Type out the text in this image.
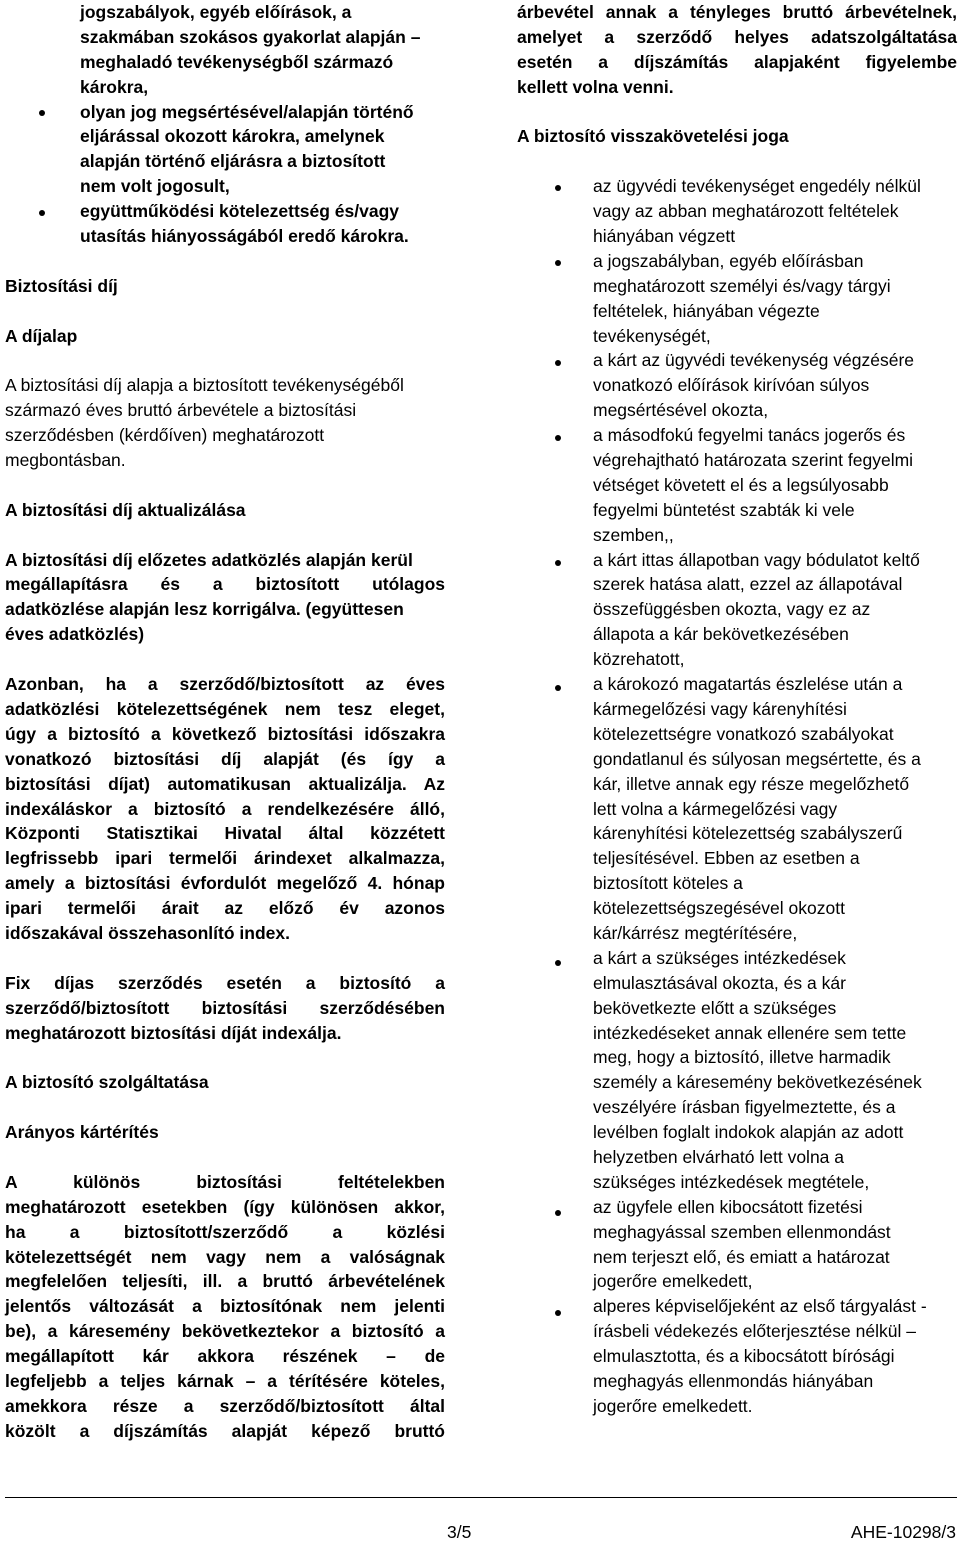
jogszabályok, egyéb előírások, a
szakmában szokásos gyakorlat alapján –
meghaladó tevékenységből származó
károkra,
olyan jog megsértésével/alapján történő
eljárással okozott károkra, amelynek
alapján történő eljárásra a biztosított
nem volt jogosult,
együttműködési kötelezettség és/vagy
utasítás hiányosságából eredő károkra.
Biztosítási díj
A díjalap
A biztosítási díj alapja a biztosított tevékenységéből
származó éves bruttó árbevétele a biztosítási
szerződésben (kérdőíven) meghatározott
megbontásban.
A biztosítási díj aktualizálása
A biztosítási díj előzetes adatközlés alapján kerül
megállapításra és a biztosított utólagos
adatközlése alapján lesz korrigálva. (együttesen
éves adatközlés)
Azonban, ha a szerződő/biztosított az éves
adatközlési kötelezettségének nem tesz eleget,
úgy a biztosító a következő biztosítási időszakra
vonatkozó biztosítási díj alapját (és így a
biztosítási díjat) automatikusan aktualizálja. Az
indexáláskor a biztosító a rendelkezésére álló,
Központi Statisztikai Hivatal által közzétett
legfrissebb ipari termelői árindexet alkalmazza,
amely a biztosítási évfordulót megelőző 4. hónap
ipari termelői árait az előző év azonos
időszakával összehasonlító index.
Fix díjas szerződés esetén a biztosító a
szerződő/biztosított biztosítási szerződésében
meghatározott biztosítási díját indexálja.
A biztosító szolgáltatása
Arányos kártérítés
A különös biztosítási feltételekben
meghatározott esetekben (így különösen akkor,
ha a biztosított/szerződő a közlési
kötelezettségét nem vagy nem a valóságnak
megfelelően teljesíti, ill. a bruttó árbevételének
jelentős változását a biztosítónak nem jelenti
be), a káresemény bekövetkeztekor a biztosító a
megállapított kár akkora részének – de
legfeljebb a teljes kárnak – a térítésére köteles,
amekkora része a szerződő/biztosított által
közölt a díjszámítás alapját képező bruttó
árbevétel annak a tényleges bruttó árbevételnek,
amelyet a szerződő helyes adatszolgáltatása
esetén a díjszámítás alapjaként figyelembe
kellett volna venni.
A biztosító visszakövetelési joga
az ügyvédi tevékenységet engedély nélkül
vagy az abban meghatározott feltételek
hiányában végzett
a jogszabályban, egyéb előírásban
meghatározott személyi és/vagy tárgyi
feltételek, hiányában végezte
tevékenységét,
a kárt az ügyvédi tevékenység végzésére
vonatkozó előírások kirívóan súlyos
megsértésével okozta,
a másodfokú fegyelmi tanács jogerős és
végrehajtható határozata szerint fegyelmi
vétséget követett el és a legsúlyosabb
fegyelmi büntetést szabták ki vele
szemben,,
a kárt ittas állapotban vagy bódulatot keltő
szerek hatása alatt, ezzel az állapotával
összefüggésben okozta, vagy ez az
állapota a kár bekövetkezésében
közrehatott,
a károkozó magatartás észlelése után a
kármegelőzési vagy kárenyhítési
kötelezettségre vonatkozó szabályokat
gondatlanul és súlyosan megsértette, és a
kár, illetve annak egy része megelőzhető
lett volna a kármegelőzési vagy
kárenyhítési kötelezettség szabályszerű
teljesítésével. Ebben az esetben a
biztosított köteles a
kötelezettségszegésével okozott
kár/kárrész megtérítésére,
a kárt a szükséges intézkedések
elmulasztásával okozta, és a kár
bekövetkezte előtt a szükséges
intézkedéseket annak ellenére sem tette
meg, hogy a biztosító, illetve harmadik
személy a káresemény bekövetkezésének
veszélyére írásban figyelmeztette, és a
levélben foglalt indokok alapján az adott
helyzetben elvárható lett volna a
szükséges intézkedések megtétele,
az ügyfele ellen kibocsátott fizetési
meghagyással szemben ellenmondást
nem terjeszt elő, és emiatt a határozat
jogerőre emelkedett,
alperes képviselőjeként az első tárgyalást -
írásbeli védekezés előterjesztése nélkül –
elmulasztotta, és a kibocsátott bírósági
meghagyás ellenmondás hiányában
jogerőre emelkedett.
3/5	AHE-10298/3
